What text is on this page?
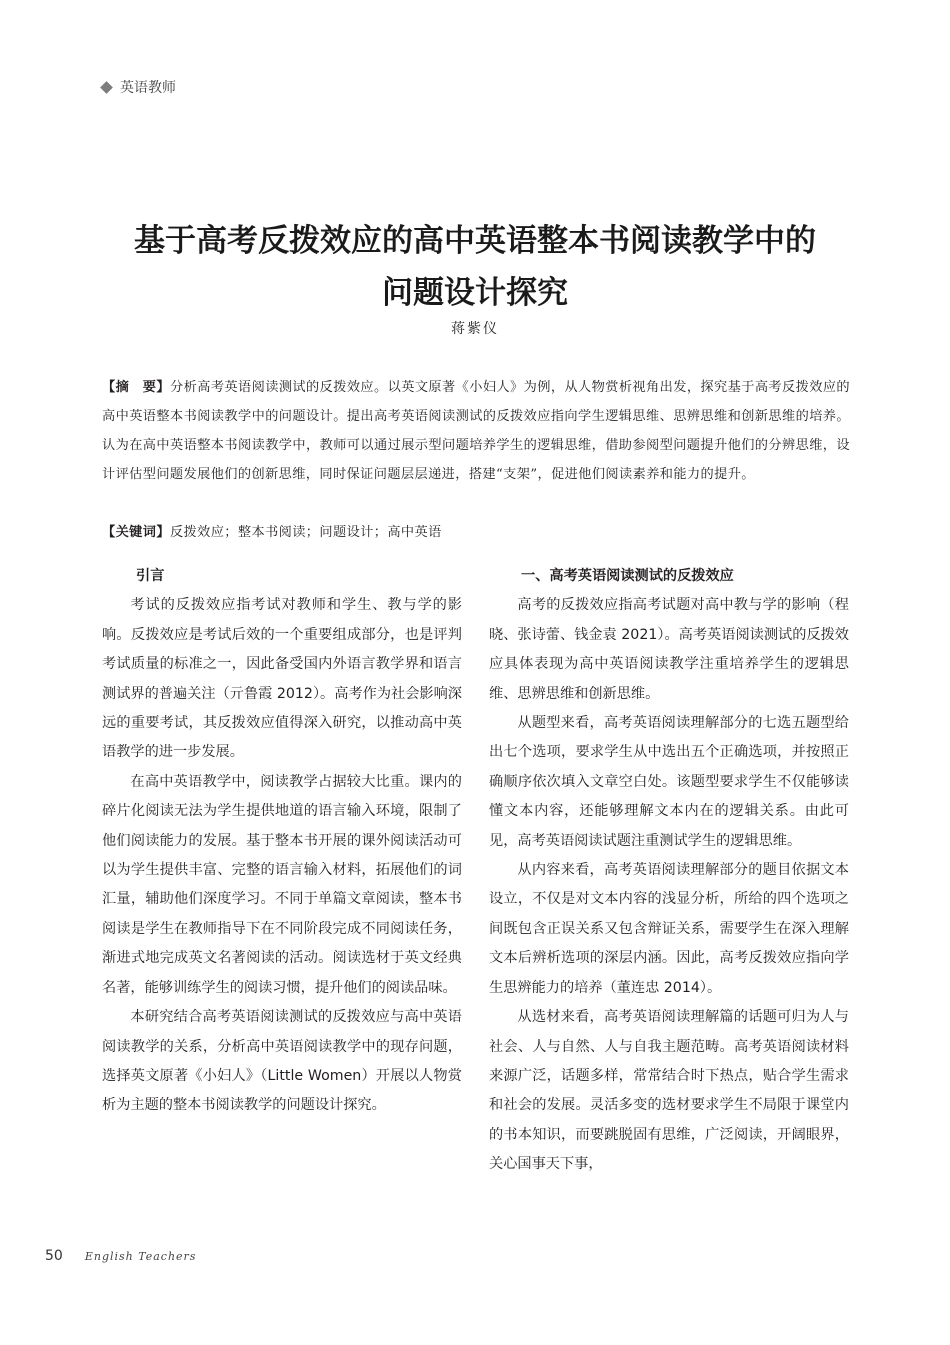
英语教师
基于高考反拨效应的高中英语整本书阅读教学中的
问题设计探究
蒋紫仪
【摘　要】分析高考英语阅读测试的反拨效应。以英文原著《小妇人》为例，从人物赏析视角出发，探究基于高考反拨效应的高中英语整本书阅读教学中的问题设计。提出高考英语阅读测试的反拨效应指向学生逻辑思维、思辨思维和创新思维的培养。认为在高中英语整本书阅读教学中，教师可以通过展示型问题培养学生的逻辑思维，借助参阅型问题提升他们的分辨思维，设计评估型问题发展他们的创新思维，同时保证问题层层递进，搭建“支架”，促进他们阅读素养和能力的提升。
【关键词】反拨效应；整本书阅读；问题设计；高中英语
引言

考试的反拨效应指考试对教师和学生、教与学的影响。反拨效应是考试后效的一个重要组成部分，也是评判考试质量的标准之一，因此备受国内外语言教学界和语言测试界的普遍关注（亓鲁霞 2012）。高考作为社会影响深远的重要考试，其反拨效应值得深入研究，以推动高中英语教学的进一步发展。

在高中英语教学中，阅读教学占据较大比重。课内的碎片化阅读无法为学生提供地道的语言输入环境，限制了他们阅读能力的发展。基于整本书开展的课外阅读活动可以为学生提供丰富、完整的语言输入材料，拓展他们的词汇量，辅助他们深度学习。不同于单篇文章阅读，整本书阅读是学生在教师指导下在不同阶段完成不同阅读任务，渐进式地完成英文名著阅读的活动。阅读选材于英文经典名著，能够训练学生的阅读习惯，提升他们的阅读品味。

本研究结合高考英语阅读测试的反拨效应与高中英语阅读教学的关系，分析高中英语阅读教学中的现存问题，选择英文原著《小妇人》（Little Women）开展以人物赏析为主题的整本书阅读教学的问题设计探究。

一、高考英语阅读测试的反拨效应

高考的反拨效应指高考试题对高中教与学的影响（程晓、张诗蕾、钱金袁 2021）。高考英语阅读测试的反拨效应具体表现为高中英语阅读教学注重培养学生的逻辑思维、思辨思维和创新思维。

从题型来看，高考英语阅读理解部分的七选五题型给出七个选项，要求学生从中选出五个正确选项，并按照正确顺序依次填入文章空白处。该题型要求学生不仅能够读懂文本内容，还能够理解文本内在的逻辑关系。由此可见，高考英语阅读试题注重测试学生的逻辑思维。

从内容来看，高考英语阅读理解部分的题目依据文本设立，不仅是对文本内容的浅显分析，所给的四个选项之间既包含正误关系又包含辩证关系，需要学生在深入理解文本后辨析选项的深层内涵。因此，高考反拨效应指向学生思辨能力的培养（董连忠 2014）。

从选材来看，高考英语阅读理解篇的话题可归为人与社会、人与自然、人与自我主题范畴。高考英语阅读材料来源广泛，话题多样，常常结合时下热点，贴合学生需求和社会的发展。灵活多变的选材要求学生不局限于课堂内的书本知识，而要跳脱固有思维，广泛阅读，开阔眼界，关心国事天下事，

50 English Teachers
